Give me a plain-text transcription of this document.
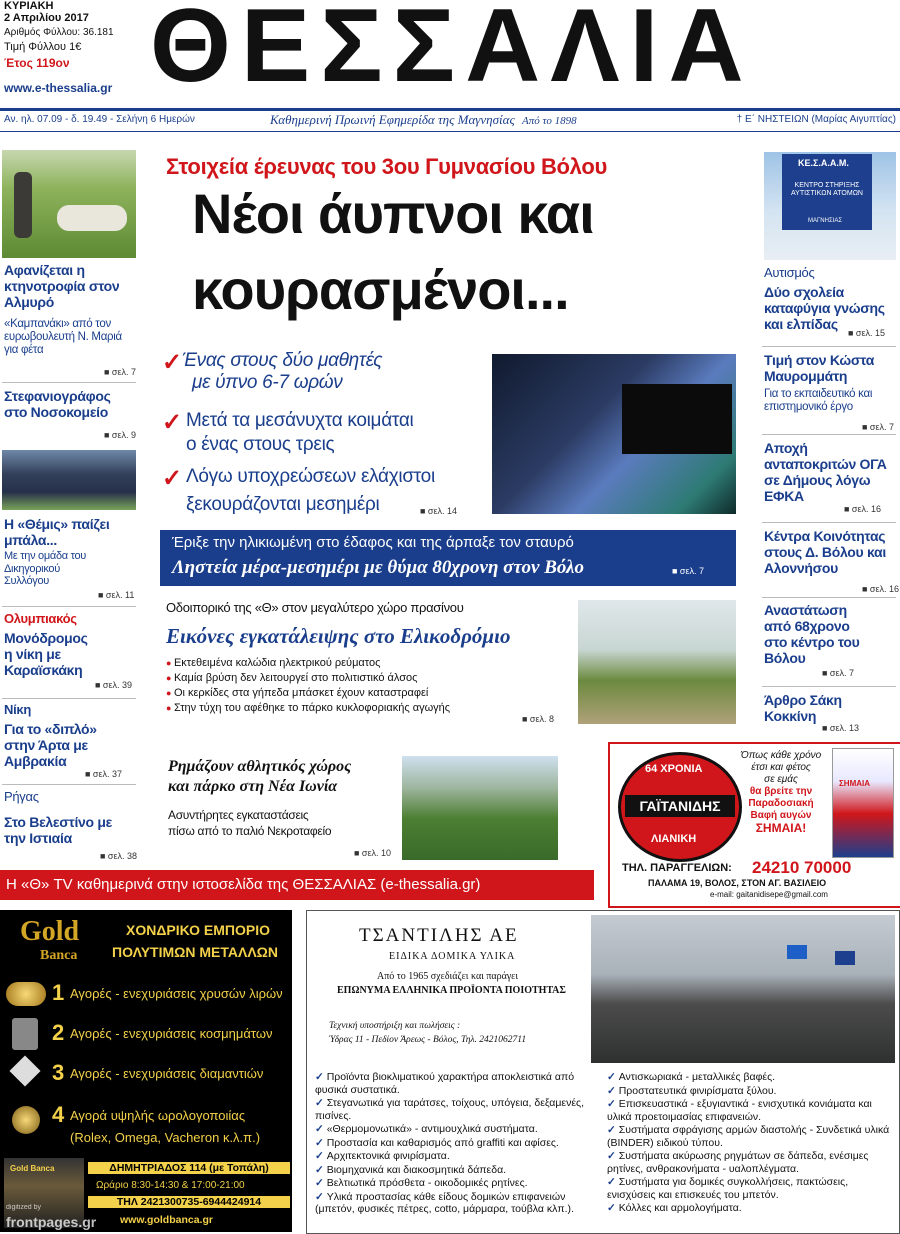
ΚΥΡΙΑΚΗ
2 Απριλίου 2017
Αριθμός Φύλλου: 36.181
Τιμή Φύλλου 1€
Έτος 119ον
www.e-thessalia.gr ΘΕΣΣΑΛΙΑ
Αν. ηλ. 07.09 - δ. 19.49 - Σελήνη 6 Ημερών	Καθημερινή Πρωινή Εφημερίδα της Μαγνησίας Από το 1898	† Ε΄ ΝΗΣΤΕΙΩΝ (Μαρίας Αιγυπτίας)
Αφανίζεται η κτηνοτροφία στον Αλμυρό
«Καμπανάκι» από τον ευρωβουλευτή Ν. Μαριά για φέτα
■ σελ. 7
Στεφανιογράφος στο Νοσοκομείο
■ σελ. 9
Η «Θέμις» παίζει μπάλα...
Με την ομάδα του Δικηγορικού Συλλόγου
■ σελ. 11
Ολυμπιακός
Μονόδρομος η νίκη με Καραϊσκάκη
■ σελ. 39
Νίκη
Για το «διπλό» στην Άρτα με Αμβρακία
■ σελ. 37
Ρήγας
Στο Βελεστίνο με την Ιστιαία
■ σελ. 38
Στοιχεία έρευνας του 3ου Γυμνασίου Βόλου
Νέοι άυπνοι και
κουρασμένοι...
✓ Ένας στους δύο μαθητές
με ύπνο 6-7 ωρών
✓ Μετά τα μεσάνυχτα κοιμάται
ο ένας στους τρεις
✓ Λόγω υποχρεώσεων ελάχιστοι
ξεκουράζονται μεσημέρι	■ σελ. 14
Έριξε την ηλικιωμένη στο έδαφος και της άρπαξε τον σταυρό
Ληστεία μέρα-μεσημέρι με θύμα 80χρονη στον Βόλο	■ σελ. 7
Οδοιπορικό της «Θ» στον μεγαλύτερο χώρο πρασίνου
Εικόνες εγκατάλειψης στο Ελικοδρόμιο
● Εκτεθειμένα καλώδια ηλεκτρικού ρεύματος
● Καμία βρύση δεν λειτουργεί στο πολιτιστικό άλσος
● Οι κερκίδες στα γήπεδα μπάσκετ έχουν καταστραφεί
● Στην τύχη του αφέθηκε το πάρκο κυκλοφοριακής αγωγής
■ σελ. 8
Ρημάζουν αθλητικός χώρος
και πάρκο στη Νέα Ιωνία
Ασυντήρητες εγκαταστάσεις
πίσω από το παλιό Νεκροταφείο
■ σελ. 10
ΚΕ.Σ.Α.Α.Μ.
ΚΕΝΤΡΟ ΣΤΗΡΙΞΗΣ ΑΥΤΙΣΤΙΚΩΝ ΑΤΟΜΩΝ
ΜΑΓΝΗΣΙΑΣ
Αυτισμός
Δύο σχολεία καταφύγια γνώσης και ελπίδας
■ σελ. 15
Τιμή στον Κώστα Μαυρομμάτη
Για το εκπαιδευτικό και επιστημονικό έργο
■ σελ. 7
Αποχή ανταποκριτών ΟΓΑ σε Δήμους λόγω ΕΦΚΑ
■ σελ. 16
Κέντρα Κοινότητας στους Δ. Βόλου και Αλοννήσου
■ σελ. 16
Αναστάτωση από 68χρονο στο κέντρο του Βόλου
■ σελ. 7
Άρθρο Σάκη Κοκκίνη
■ σελ. 13
64 ΧΡΟΝΙΑ
ΓΑΪΤΑΝΙΔΗΣ
ΛΙΑΝΙΚΗ
Όπως κάθε χρόνο
έτσι και φέτος
σε εμάς
θα βρείτε την
Παραδοσιακή
Βαφή αυγών
ΣΗΜΑΙΑ!
ΣΗΜΑΙΑ
ΤΗΛ. ΠΑΡΑΓΓΕΛΙΩΝ: 24210 70000
ΠΑΛΑΜΑ 19, ΒΟΛΟΣ, ΣΤΟΝ ΑΓ. ΒΑΣΙΛΕΙΟ
e-mail: gaitanidisepe@gmail.com
Η «Θ» TV καθημερινά στην ιστοσελίδα της ΘΕΣΣΑΛΙΑΣ (e-thessalia.gr)
Gold
Banca
ΧΟΝΔΡΙΚΟ ΕΜΠΟΡΙΟ
ΠΟΛΥΤΙΜΩΝ ΜΕΤΑΛΛΩΝ
1 Αγορές - ενεχυριάσεις χρυσών λιρών
2 Αγορές - ενεχυριάσεις κοσμημάτων
3 Αγορές - ενεχυριάσεις διαμαντιών
4 Αγορά υψηλής ωρολογοποιίας
(Rolex, Omega, Vacheron κ.λ.π.)
Gold Banca	ΔΗΜΗΤΡΙΑΔΟΣ 114 (με Τοπάλη)
Ωράριο 8:30-14:30 & 17:00-21:00
ΤΗΛ 2421300735-6944424914
www.goldbanca.gr
digitized by
frontpages.gr
ΤΣΑΝΤΙΛΗΣ ΑΕ
ΕΙΔΙΚΑ ΔΟΜΙΚΑ ΥΛΙΚΑ
Από το 1965 σχεδιάζει και παράγει
ΕΠΩΝΥΜΑ ΕΛΛΗΝΙΚΑ ΠΡΟΪΟΝΤΑ ΠΟΙΟΤΗΤΑΣ
Τεχνική υποστήριξη και πωλήσεις :
Ύδρας 11 - Πεδίον Άρεως - Βόλος, Τηλ. 2421062711
✓ Προϊόντα βιοκλιματικού χαρακτήρα αποκλειστικά από φυσικά συστατικά.
✓ Στεγανωτικά για ταράτσες, τοίχους, υπόγεια, δεξαμενές, πισίνες.
✓ «Θερμομονωτικά» - αντιμουχλικά συστήματα.
✓ Προστασία και καθαρισμός από graffiti και αφίσες.
✓ Αρχιτεκτονικά φινιρίσματα.
✓ Βιομηχανικά και διακοσμητικά δάπεδα.
✓ Βελτιωτικά πρόσθετα - οικοδομικές ρητίνες.
✓ Υλικά προστασίας κάθε είδους δομικών επιφανειών (μπετόν, φυσικές πέτρες, cotto, μάρμαρα, τούβλα κλπ.).
✓ Αντισκωριακά - μεταλλικές βαφές.
✓ Προστατευτικά φινιρίσματα ξύλου.
✓ Επισκευαστικά - εξυγιαντικά - ενισχυτικά κονιάματα και υλικά προετοιμασίας επιφανειών.
✓ Συστήματα σφράγισης αρμών διαστολής - Συνδετικά υλικά (BINDER) ειδικού τύπου.
✓ Συστήματα ακύρωσης ρηγμάτων σε δάπεδα, ενέσιμες ρητίνες, ανθρακονήματα - υαλοπλέγματα.
✓ Συστήματα για δομικές συγκολλήσεις, πακτώσεις, ενισχύσεις και επισκευές του μπετόν.
✓ Κόλλες και αρμολογήματα.
